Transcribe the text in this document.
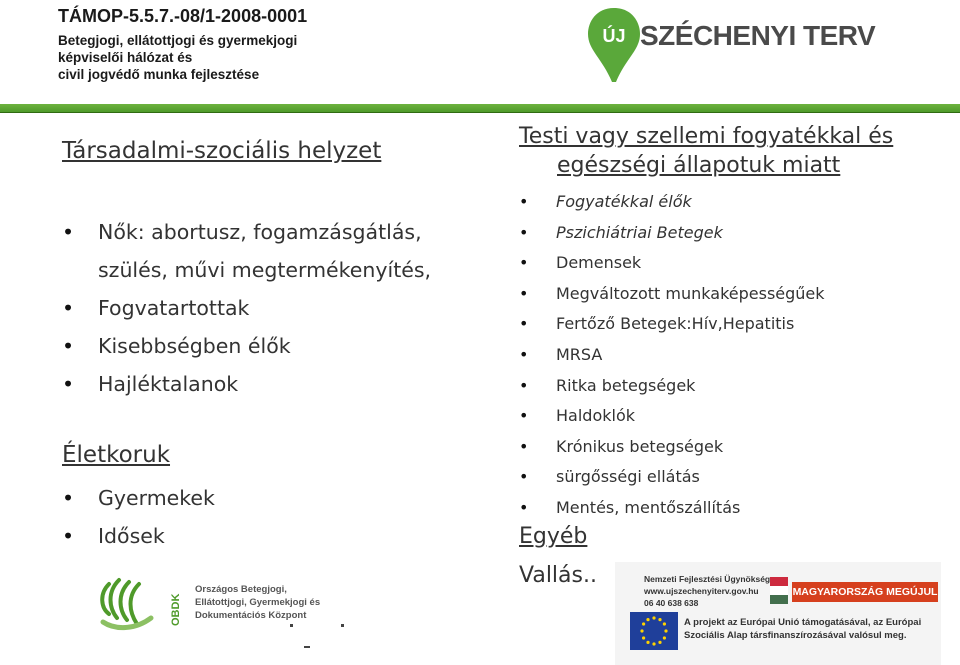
TÁMOP-5.5.7.-08/1-2008-0001
Betegjogi, ellátottjogi és gyermekjogi
képviselői hálózat és
civil jogvédő munka fejlesztése
ÚJ SZÉCHENYI TERV
Társadalmi-szociális helyzet
• Nők: abortusz, fogamzásgátlás, szülés, művi megtermékenyítés,
• Fogvatartottak
• Kisebbségben élők
• Hajléktalanok
Életkoruk
• Gyermekek
• Idősek
Testi vagy szellemi fogyatékkal és
egészségi állapotuk miatt
• Fogyatékkal élők
• Pszichiátriai Betegek
• Demensek
• Megváltozott munkaképességűek
• Fertőző Betegek:Hív,Hepatitis
• MRSA
• Ritka betegségek
• Haldoklók
• Krónikus betegségek
• sürgősségi ellátás
• Mentés, mentőszállítás
Egyéb
Vallás..
OBDK
Országos Betegjogi,
Ellátottjogi, Gyermekjogi és
Dokumentációs Központ
Nemzeti Fejlesztési Ügynökség
www.ujszechenyiterv.gov.hu
06 40 638 638
MAGYARORSZÁG MEGÚJUL
A projekt az Európai Unió támogatásával, az Európai
Szociális Alap társfinanszírozásával valósul meg.
